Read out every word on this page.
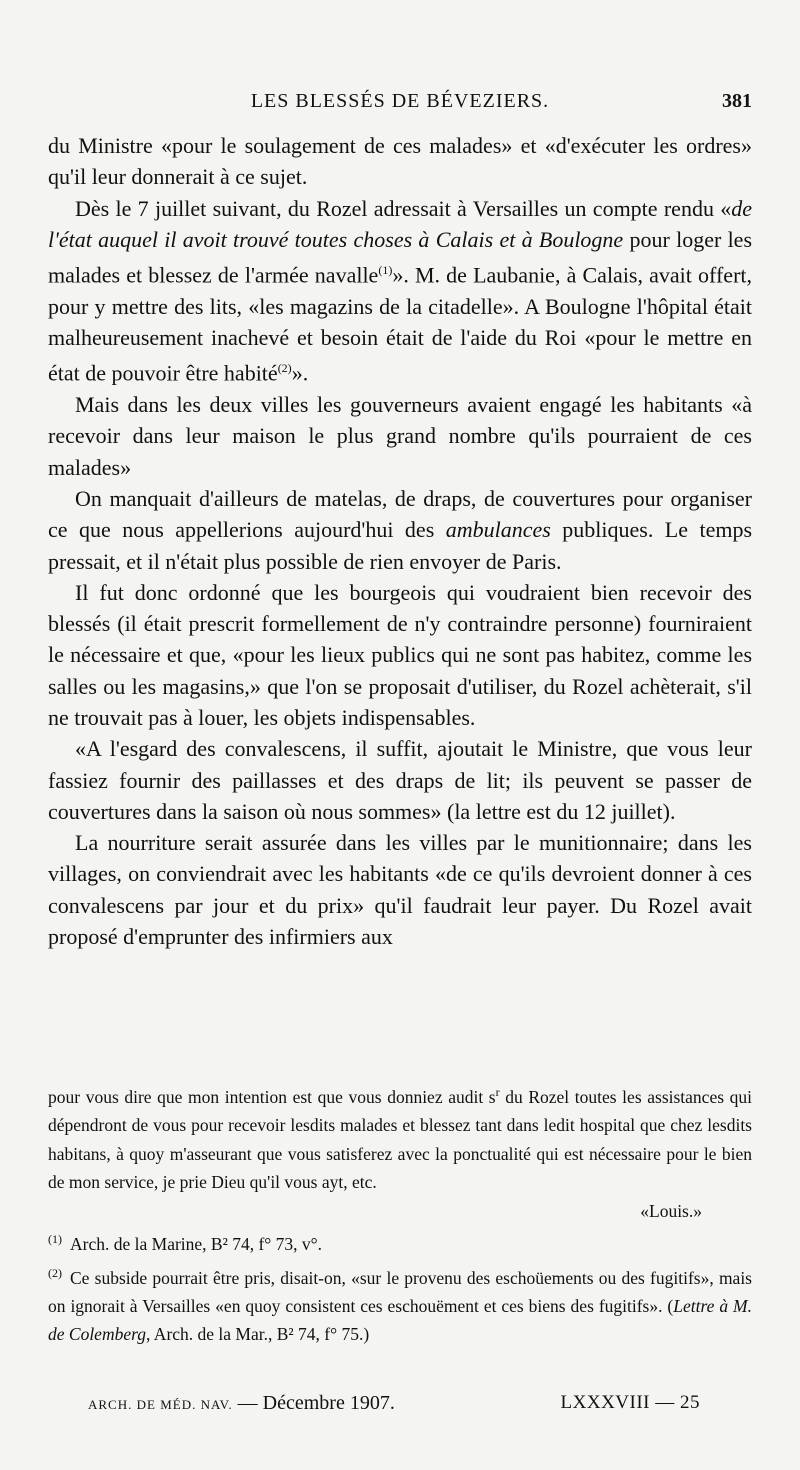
LES BLESSÉS DE BÉVEZIERS.	381

du Ministre «pour le soulagement de ces malades» et «d'exécuter les ordres» qu'il leur donnerait à ce sujet.

Dès le 7 juillet suivant, du Rozel adressait à Versailles un compte rendu «de l'état auquel il avoit trouvé toutes choses à Calais et à Boulogne pour loger les malades et blessez de l'armée navalle$^{(1)}$». M. de Laubanie, à Calais, avait offert, pour y mettre des lits, «les magazins de la citadelle». A Boulogne l'hôpital était malheureusement inachevé et besoin était de l'aide du Roi «pour le mettre en état de pouvoir être habité$^{(2)}$».

Mais dans les deux villes les gouverneurs avaient engagé les habitants «à recevoir dans leur maison le plus grand nombre qu'ils pourraient de ces malades»

On manquait d'ailleurs de matelas, de draps, de couvertures pour organiser ce que nous appellerions aujourd'hui des ambulances publiques. Le temps pressait, et il n'était plus possible de rien envoyer de Paris.

Il fut donc ordonné que les bourgeois qui voudraient bien recevoir des blessés (il était prescrit formellement de n'y contraindre personne) fourniraient le nécessaire et que, «pour les lieux publics qui ne sont pas habitez, comme les salles ou les magasins,» que l'on se proposait d'utiliser, du Rozel achèterait, s'il ne trouvait pas à louer, les objets indispensables.

«A l'esgard des convalescens, il suffit, ajoutait le Ministre, que vous leur fassiez fournir des paillasses et des draps de lit; ils peuvent se passer de couvertures dans la saison où nous sommes» (la lettre est du 12 juillet).

La nourriture serait assurée dans les villes par le munitionnaire; dans les villages, on conviendrait avec les habitants «de ce qu'ils devroient donner à ces convalescens par jour et du prix» qu'il faudrait leur payer. Du Rozel avait proposé d'emprunter des infirmiers aux

pour vous dire que mon intention est que vous donniez audit $s^r$ du Rozel toutes les assistances qui dépendront de vous pour recevoir lesdits malades et blessez tant dans ledit hospital que chez lesdits habitans, à quoy m'asseurant que vous satisferez avec la ponctualité qui est nécessaire pour le bien de mon service, je prie Dieu qu'il vous ayt, etc.

«Louis.»

$^{(1)}$ Arch. de la Marine, B² 74, f° 73, v°.

$^{(2)}$ Ce subside pourrait être pris, disait-on, «sur le provenu des eschoüements ou des fugitifs», mais on ignorait à Versailles «en quoy consistent ces eschouëment et ces biens des fugitifs». (Lettre à M. de Colemberg, Arch. de la Mar., B² 74, f° 75.)

ARCH. DE MÉD. NAV. — Décembre 1907.	LXXXVIII — 25
